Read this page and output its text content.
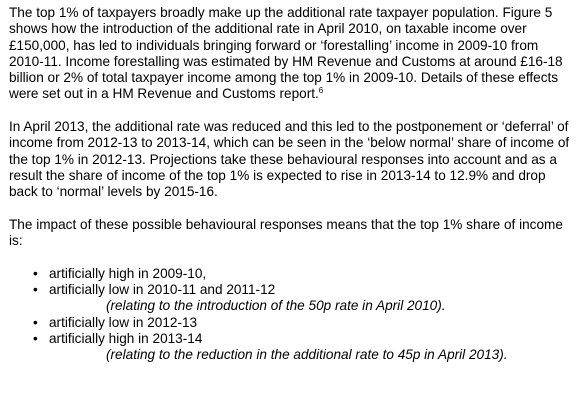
The top 1% of taxpayers broadly make up the additional rate taxpayer population. Figure 5 shows how the introduction of the additional rate in April 2010, on taxable income over £150,000, has led to individuals bringing forward or ‘forestalling’ income in 2009-10 from 2010-11. Income forestalling was estimated by HM Revenue and Customs at around £16-18 billion or 2% of total taxpayer income among the top 1% in 2009-10. Details of these effects were set out in a HM Revenue and Customs report.$^6$

In April 2013, the additional rate was reduced and this led to the postponement or ‘deferral’ of income from 2012-13 to 2013-14, which can be seen in the ‘below normal’ share of income of the top 1% in 2012-13. Projections take these behavioural responses into account and as a result the share of income of the top 1% is expected to rise in 2013-14 to 12.9% and drop back to ‘normal’ levels by 2015-16.

The impact of these possible behavioural responses means that the top 1% share of income is:

• artificially high in 2009-10,
• artificially low in 2010-11 and 2011-12
(relating to the introduction of the 50p rate in April 2010).
• artificially low in 2012-13
• artificially high in 2013-14
(relating to the reduction in the additional rate to 45p in April 2013).
